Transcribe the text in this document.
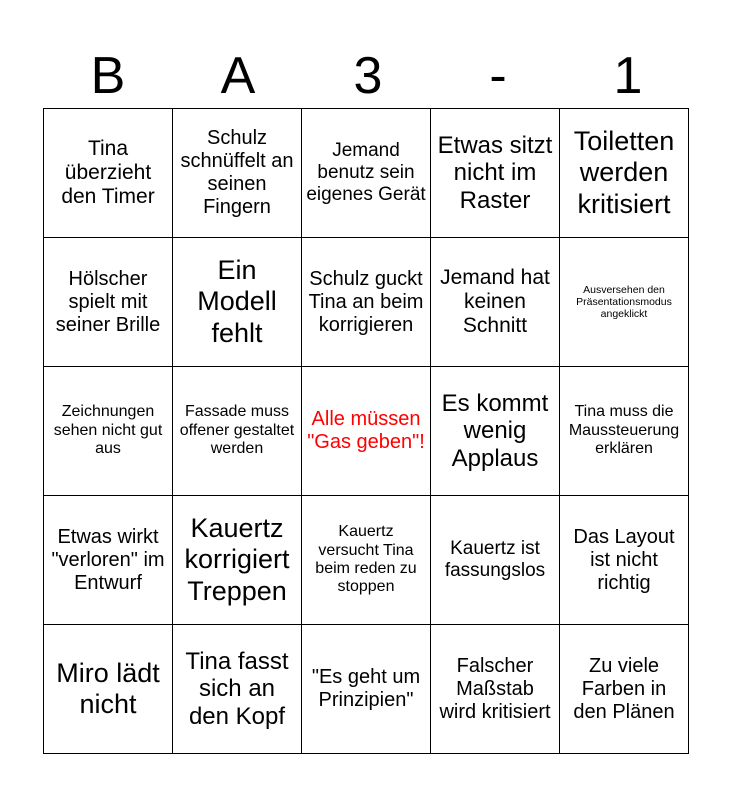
B	A	3	-	1
Tina überzieht den Timer	Schulz schnüffelt an seinen Fingern	Jemand benutz sein eigenes Gerät	Etwas sitzt nicht im Raster	Toiletten werden kritisiert
Hölscher spielt mit seiner Brille	Ein Modell fehlt	Schulz guckt Tina an beim korrigieren	Jemand hat keinen Schnitt	Ausversehen den Präsentationsmodus angeklickt
Zeichnungen sehen nicht gut aus	Fassade muss offener gestaltet werden	Alle müssen "Gas geben"!	Es kommt wenig Applaus	Tina muss die Maussteuerung erklären
Etwas wirkt "verloren" im Entwurf	Kauertz korrigiert Treppen	Kauertz versucht Tina beim reden zu stoppen	Kauertz ist fassungslos	Das Layout ist nicht richtig
Miro lädt nicht	Tina fasst sich an den Kopf	"Es geht um Prinzipien"	Falscher Maßstab wird kritisiert	Zu viele Farben in den Plänen
